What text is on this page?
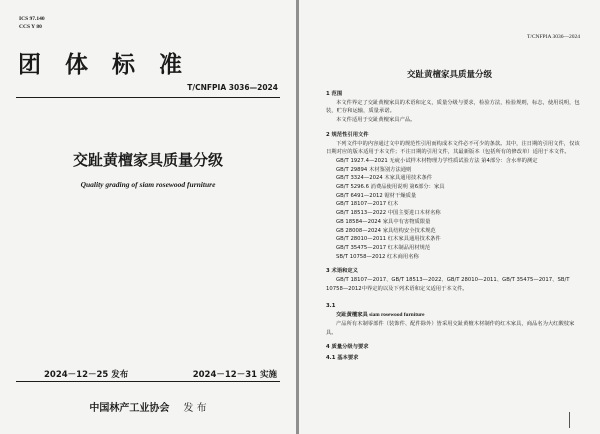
ICS 97.140
CCS Y 80
团体标准
T/CNFPIA 3036—2024
交趾黄檀家具质量分级
Quality grading of siam rosewood furniture
2024－12－25 发布	2024－12－31 实施
中国林产工业协会 发 布
T/CNFPIA 3036—2024
交趾黄檀家具质量分级
1 范围
本文件界定了交趾黄檀家具的术语和定义，质量分级与要求，检验方法，检验规则，标志，使用说明，包装，贮存和运输，质量承诺。
本文件适用于交趾黄檀家具产品。
2 规范性引用文件
下列文件中的内容通过文中的规范性引用而构成本文件必不可少的条款。其中，注日期的引用文件，仅该日期对应的版本适用于本文件；不注日期的引用文件，其最新版本（包括所有的修改单）适用于本文件。
GB/T 1927.4—2021 无疵小试样木材物理力学性质试验方法 第4部分：含水率的测定
GB/T 29894 木材鉴别方法通则
GB/T 3324—2024 木家具通用技术条件
GB/T 5296.6 消费品使用说明 第6部分：家具
GB/T 6491—2012 锯材干燥质量
GB/T 18107—2017 红木
GB/T 18513—2022 中国主要进口木材名称
GB 18584—2024 家具中有害物质限量
GB 28008—2024 家具结构安全技术规范
GB/T 28010—2011 红木家具通用技术条件
GB/T 35475—2017 红木制品用材规范
SB/T 10758—2012 红木商用名称
3 术语和定义
GB/T 18107—2017、GB/T 18513—2022、GB/T 28010—2011、GB/T 35475—2017、SB/T 10758—2012中界定的以及下列术语和定义适用于本文件。
3.1
交趾黄檀家具 siam rosewood furniture
产品所有木制零部件（装饰件、配件除外）皆采用交趾黄檀木材制作的红木家具，商品名为大红酸枝家具。
4 质量分级与要求
4.1 基本要求
